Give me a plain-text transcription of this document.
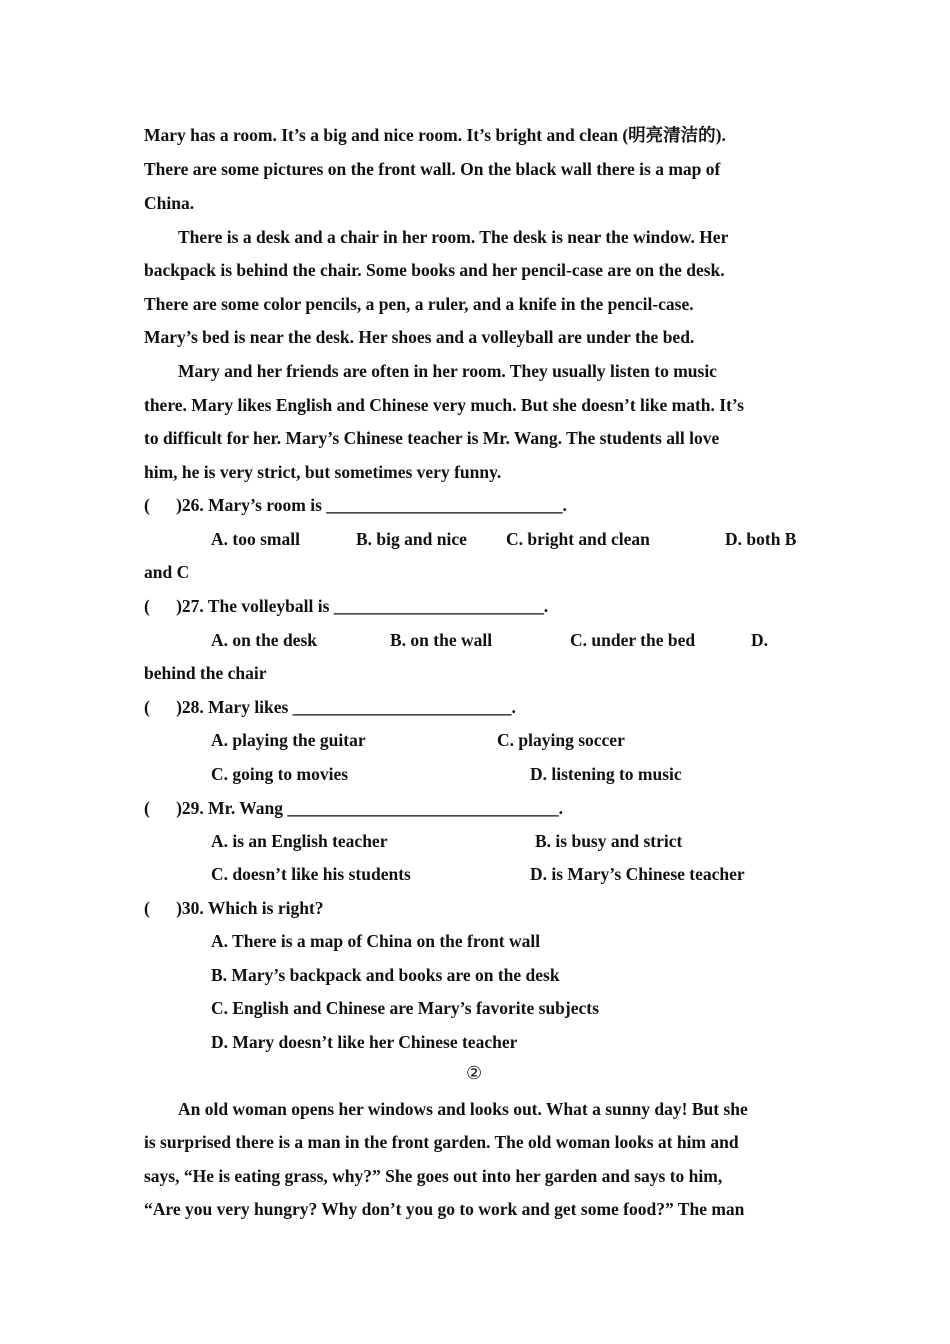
Mary has a room. It’s a big and nice room. It’s bright and clean (明亮清洁的).
There are some pictures on the front wall. On the black wall there is a map of
China.
There is a desk and a chair in her room. The desk is near the window. Her
backpack is behind the chair. Some books and her pencil-case are on the desk.
There are some color pencils, a pen, a ruler, and a knife in the pencil-case.
Mary’s bed is near the desk. Her shoes and a volleyball are under the bed.
Mary and her friends are often in her room. They usually listen to music
there. Mary likes English and Chinese very much. But she doesn’t like math. It’s
to difficult for her. Mary’s Chinese teacher is Mr. Wang. The students all love
him, he is very strict, but sometimes very funny.
(      )26. Mary’s room is ___________________________.
A. too small	B. big and nice C. bright and clean	D. both B
and C
(      )27. The volleyball is ________________________.
A. on the desk	B. on the wall	C. under the bed	D.
behind the chair
(      )28. Mary likes _________________________.
A. playing the guitar	C. playing soccer
C. going to movies	D. listening to music
(      )29. Mr. Wang _______________________________.
A. is an English teacher	B. is busy and strict
C. doesn’t like his students	D. is Mary’s Chinese teacher
(      )30. Which is right?
A. There is a map of China on the front wall
B. Mary’s backpack and books are on the desk
C. English and Chinese are Mary’s favorite subjects
D. Mary doesn’t like her Chinese teacher
②
An old woman opens her windows and looks out. What a sunny day! But she
is surprised there is a man in the front garden. The old woman looks at him and
says, “He is eating grass, why?” She goes out into her garden and says to him,
“Are you very hungry? Why don’t you go to work and get some food?” The man
